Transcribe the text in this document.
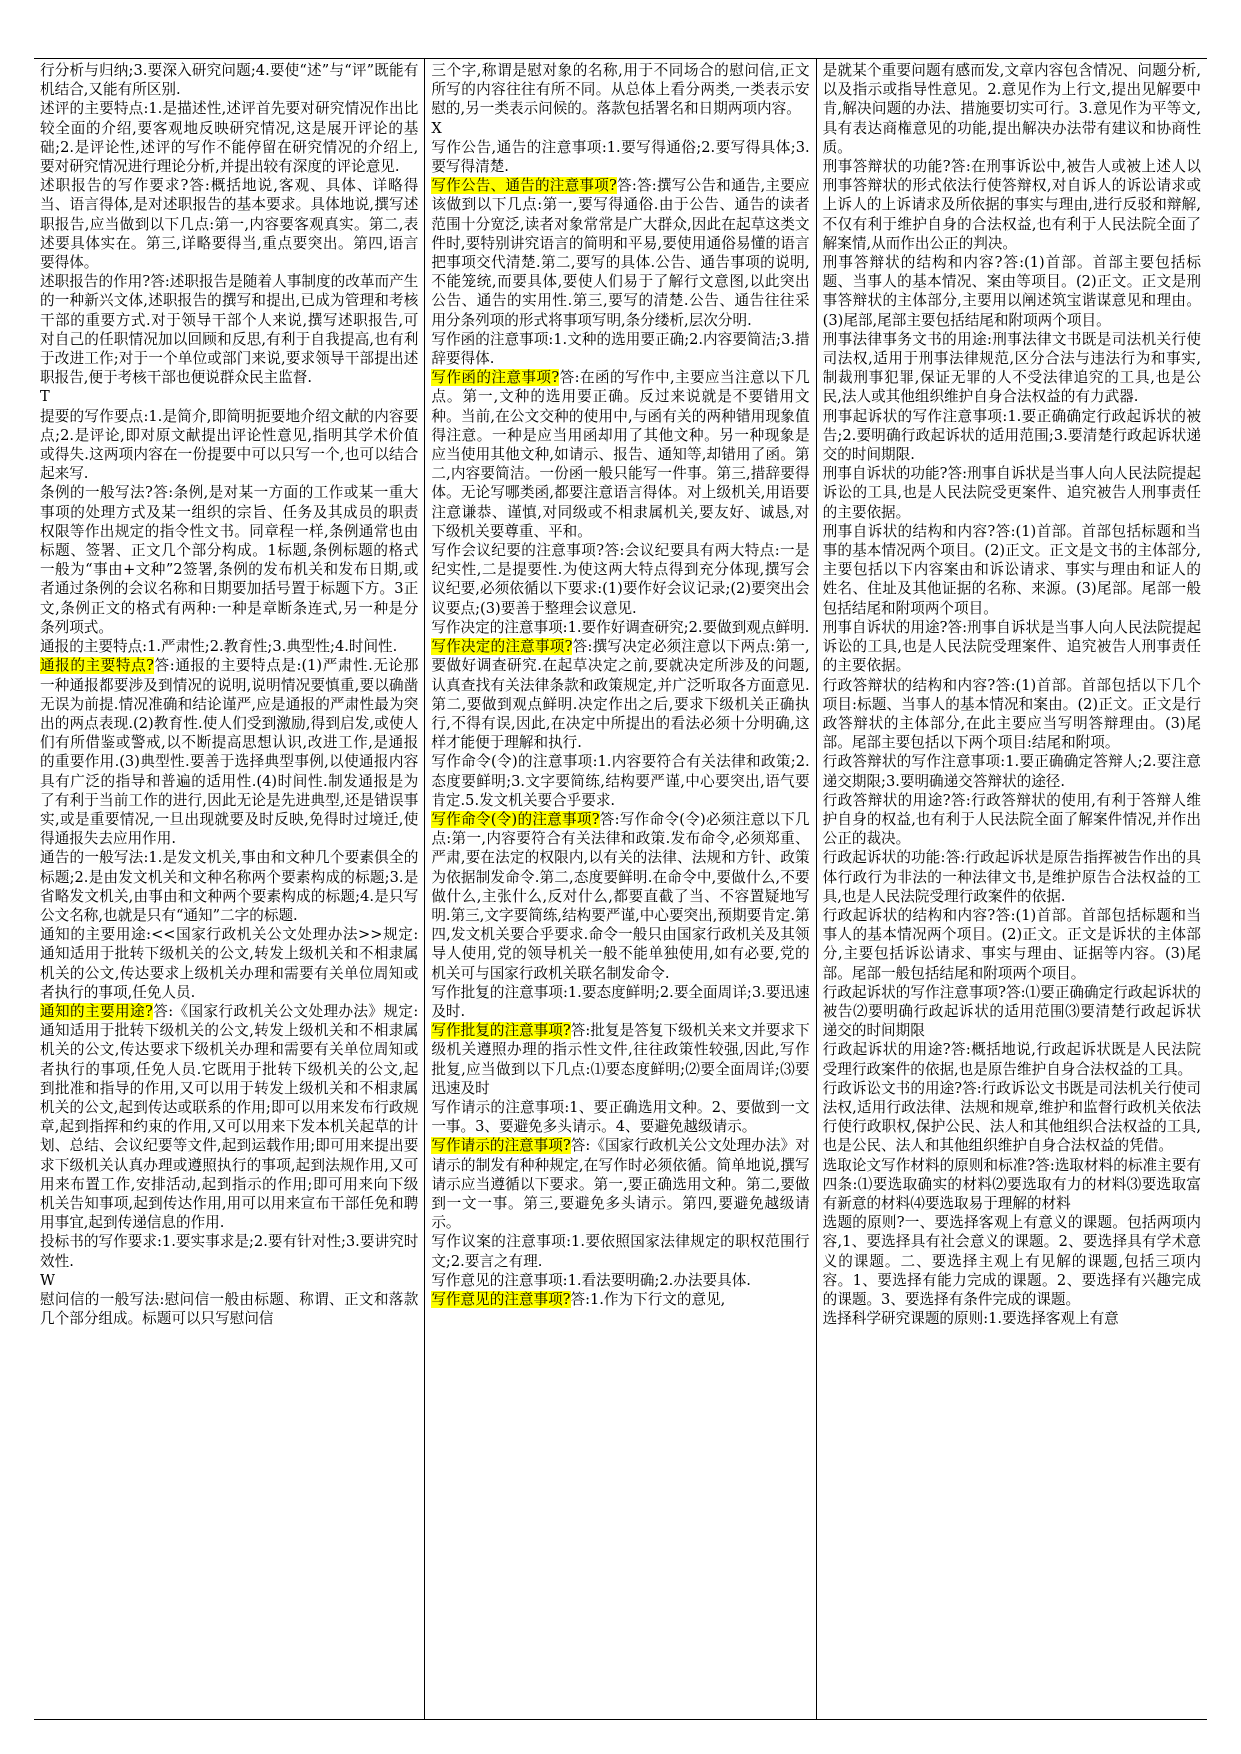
行分析与归纳;3.要深入研究问题;4.要使“述”与“评”既能有机结合,又能有所区别.
述评的主要特点:1.是描述性,述评首先要对研究情况作出比较全面的介绍,要客观地反映研究情况,这是展开评论的基础;2.是评论性,述评的写作不能停留在研究情况的介绍上,要对研究情况进行理论分析,并提出较有深度的评论意见.
述职报告的写作要求?答:概括地说,客观、具体、详略得当、语言得体,是对述职报告的基本要求。具体地说,撰写述职报告,应当做到以下几点:第一,内容要客观真实。第二,表述要具体实在。第三,详略要得当,重点要突出。第四,语言要得体。
述职报告的作用?答:述职报告是随着人事制度的改革而产生的一种新兴文体,述职报告的撰写和提出,已成为管理和考核干部的重要方式.对于领导干部个人来说,撰写述职报告,可对自己的任职情况加以回顾和反思,有利于自我提高,也有利于改进工作;对于一个单位或部门来说,要求领导干部提出述职报告,便于考核干部也便说群众民主监督.
T
提要的写作要点:1.是简介,即简明扼要地介绍文献的内容要点;2.是评论,即对原文献提出评论性意见,指明其学术价值或得失.这两项内容在一份提要中可以只写一个,也可以结合起来写.
条例的一般写法?答:条例,是对某一方面的工作或某一重大事项的处理方式及某一组织的宗旨、任务及其成员的职责权限等作出规定的指令性文书。同章程一样,条例通常也由标题、签署、正文几个部分构成。1标题,条例标题的格式一般为“事由+文种”2签署,条例的发布机关和发布日期,或者通过条例的会议名称和日期要加括号置于标题下方。3正文,条例正文的格式有两种:一种是章断条连式,另一种是分条列项式。
通报的主要特点:1.严肃性;2.教育性;3.典型性;4.时间性.
通报的主要特点?答:通报的主要特点是:(1)严肃性.无论那一种通报都要涉及到情况的说明,说明情况要慎重,要以确凿无误为前提.情况准确和结论谨严,应是通报的严肃性最为突出的两点表现.(2)教育性.使人们受到激励,得到启发,或使人们有所借鉴或警戒,以不断提高思想认识,改进工作,是通报的重要作用.(3)典型性.要善于选择典型事例,以使通报内容具有广泛的指导和普遍的适用性.(4)时间性.制发通报是为了有利于当前工作的进行,因此无论是先进典型,还是错误事实,或是重要情况,一旦出现就要及时反映,免得时过境迁,使得通报失去应用作用.
通告的一般写法:1.是发文机关,事由和文种几个要素俱全的标题;2.是由发文机关和文种名称两个要素构成的标题;3.是省略发文机关,由事由和文种两个要素构成的标题;4.是只写公文名称,也就是只有“通知”二字的标题.
通知的主要用途:<<国家行政机关公文处理办法>>规定:通知适用于批转下级机关的公文,转发上级机关和不相隶属机关的公文,传达要求上级机关办理和需要有关单位周知或者执行的事项,任免人员.
通知的主要用途?答:《国家行政机关公文处理办法》规定:通知适用于批转下级机关的公文,转发上级机关和不相隶属机关的公文,传达要求下级机关办理和需要有关单位周知或者执行的事项,任免人员.它既用于批转下级机关的公文,起到批准和指导的作用,又可以用于转发上级机关和不相隶属机关的公文,起到传达或联系的作用;即可以用来发布行政规章,起到指挥和约束的作用,又可以用来下发本机关起草的计划、总结、会议纪要等文件,起到运载作用;即可用来提出要求下级机关认真办理或遵照执行的事项,起到法规作用,又可用来布置工作,安排活动,起到指示的作用;即可用来向下级机关告知事项,起到传达作用,用可以用来宣布干部任免和聘用事宜,起到传递信息的作用.
投标书的写作要求:1.要实事求是;2.要有针对性;3.要讲究时效性.
W
慰问信的一般写法:慰问信一般由标题、称谓、正文和落款几个部分组成。标题可以只写慰问信
三个字,称谓是慰对象的名称,用于不同场合的慰问信,正文所写的内容往往有所不同。从总体上看分两类,一类表示安慰的,另一类表示问候的。落款包括署名和日期两项内容。
X
写作公告,通告的注意事项:1.要写得通俗;2.要写得具体;3.要写得清楚.
写作公告、通告的注意事项?答:答:撰写公告和通告,主要应该做到以下几点:第一,要写得通俗.由于公告、通告的读者范围十分宽泛,读者对象常常是广大群众,因此在起草这类文件时,要特别讲究语言的简明和平易,要使用通俗易懂的语言把事项交代清楚.第二,要写的具体.公告、通告事项的说明,不能笼统,而要具体,要使人们易于了解行文意图,以此突出公告、通告的实用性.第三,要写的清楚.公告、通告往往采用分条列项的形式将事项写明,条分缕析,层次分明.
写作函的注意事项:1.文种的选用要正确;2.内容要简洁;3.措辞要得体.
写作函的注意事项?答:在函的写作中,主要应当注意以下几点。第一,文种的选用要正确。反过来说就是不要错用文种。当前,在公文交种的使用中,与函有关的两种错用现象值得注意。一种是应当用函却用了其他文种。另一种现象是应当使用其他文种,如请示、报告、通知等,却错用了函。第二,内容要简洁。一份函一般只能写一件事。第三,措辞要得体。无论写哪类函,都要注意语言得体。对上级机关,用语要注意谦恭、谨慎,对同级或不相隶属机关,要友好、诚恳,对下级机关要尊重、平和。
写作会议纪要的注意事项?答:会议纪要具有两大特点:一是纪实性,二是提要性.为使这两大特点得到充分体现,撰写会议纪要,必须依循以下要求:(1)要作好会议记录;(2)要突出会议要点;(3)要善于整理会议意见.
写作决定的注意事项:1.要作好调查研究;2.要做到观点鲜明.
写作决定的注意事项?答:撰写决定必须注意以下两点:第一,要做好调查研究.在起草决定之前,要就决定所涉及的问题,认真查找有关法律条款和政策规定,并广泛听取各方面意见.第二,要做到观点鲜明.决定作出之后,要求下级机关正确执行,不得有误,因此,在决定中所提出的看法必须十分明确,这样才能便于理解和执行.
写作命令(令)的注意事项:1.内容要符合有关法律和政策;2.态度要鲜明;3.文字要简练,结构要严谨,中心要突出,语气要肯定.5.发文机关要合乎要求.
写作命令(令)的注意事项?答:写作命令(令)必须注意以下几点:第一,内容要符合有关法律和政策.发布命令,必须郑重、严肃,要在法定的权限内,以有关的法律、法规和方针、政策为依据制发命令.第二,态度要鲜明.在命令中,要做什么,不要做什么,主张什么,反对什么,都要直截了当、不容置疑地写明.第三,文字要简练,结构要严谨,中心要突出,预期要肯定.第四,发文机关要合乎要求.命令一般只由国家行政机关及其领导人使用,党的领导机关一般不能单独使用,如有必要,党的机关可与国家行政机关联名制发命令.
写作批复的注意事项:1.要态度鲜明;2.要全面周详;3.要迅速及时.
写作批复的注意事项?答:批复是答复下级机关来文并要求下级机关遵照办理的指示性文件,往往政策性较强,因此,写作批复,应当做到以下几点:⑴要态度鲜明;⑵要全面周详;⑶要迅速及时
写作请示的注意事项:1、要正确选用文种。2、要做到一文一事。3、要避免多头请示。4、要避免越级请示。
写作请示的注意事项?答:《国家行政机关公文处理办法》对请示的制发有种种规定,在写作时必须依循。简单地说,撰写请示应当遵循以下要求。第一,要正确选用文种。第二,要做到一文一事。第三,要避免多头请示。第四,要避免越级请示。
写作议案的注意事项:1.要依照国家法律规定的职权范围行文;2.要言之有理.
写作意见的注意事项:1.看法要明确;2.办法要具体.
写作意见的注意事项?答:1.作为下行文的意见,
是就某个重要问题有感而发,文章内容包含情况、问题分析,以及指示或指导性意见。2.意见作为上行文,提出见解要中肯,解决问题的办法、措施要切实可行。3.意见作为平等文,具有表达商権意见的功能,提出解决办法带有建议和协商性质。
刑事答辩状的功能?答:在刑事诉讼中,被告人或被上述人以刑事答辩状的形式依法行使答辩权,对自诉人的诉讼请求或上诉人的上诉请求及所依据的事实与理由,进行反驳和辩解,不仅有利于维护自身的合法权益,也有利于人民法院全面了解案情,从而作出公正的判决。
刑事答辩状的结构和内容?答:(1)首部。首部主要包括标题、当事人的基本情况、案由等项目。(2)正文。正文是刑事答辩状的主体部分,主要用以阐述筑宝谐谋意见和理由。(3)尾部,尾部主要包括结尾和附项两个项目。
刑事法律事务文书的用途:刑事法律文书既是司法机关行使司法权,适用于刑事法律规范,区分合法与违法行为和事实,制裁刑事犯罪,保证无罪的人不受法律追究的工具,也是公民,法人或其他组织维护自身合法权益的有力武器.
刑事起诉状的写作注意事项:1.要正确确定行政起诉状的被告;2.要明确行政起诉状的适用范围;3.要清楚行政起诉状递交的时间期限.
刑事自诉状的功能?答:刑事自诉状是当事人向人民法院提起诉讼的工具,也是人民法院受更案件、追究被告人刑事责任的主要依据。
刑事自诉状的结构和内容?答:(1)首部。首部包括标题和当事的基本情况两个项目。(2)正文。正文是文书的主体部分,主要包括以下内容案由和诉讼请求、事实与理由和证人的姓名、住址及其他证据的名称、来源。(3)尾部。尾部一般包括结尾和附项两个项目。
刑事自诉状的用途?答:刑事自诉状是当事人向人民法院提起诉讼的工具,也是人民法院受理案件、追究被告人刑事责任的主要依据。
行政答辩状的结构和内容?答:(1)首部。首部包括以下几个项目:标题、当事人的基本情况和案由。(2)正文。正文是行政答辩状的主体部分,在此主要应当写明答辩理由。(3)尾部。尾部主要包括以下两个项目:结尾和附项。
行政答辩状的写作注意事项:1.要正确确定答辩人;2.要注意递交期限;3.要明确递交答辩状的途径.
行政答辩状的用途?答:行政答辩状的使用,有利于答辩人维护自身的权益,也有利于人民法院全面了解案件情况,并作出公正的裁决。
行政起诉状的功能:答:行政起诉状是原告指挥被告作出的具体行政行为非法的一种法律文书,是维护原告合法权益的工具,也是人民法院受理行政案件的依据.
行政起诉状的结构和内容?答:(1)首部。首部包括标题和当事人的基本情况两个项目。(2)正文。正文是诉状的主体部分,主要包括诉讼请求、事实与理由、证据等内容。(3)尾部。尾部一般包括结尾和附项两个项目。
行政起诉状的写作注意事项?答:⑴要正确确定行政起诉状的被告⑵要明确行政起诉状的适用范围⑶要清楚行政起诉状递交的时间期限
行政起诉状的用途?答:概括地说,行政起诉状既是人民法院受理行政案件的依据,也是原告维护自身合法权益的工具。
行政诉讼文书的用途?答:行政诉讼文书既是司法机关行使司法权,适用行政法律、法规和规章,维护和监督行政机关依法行使行政职权,保护公民、法人和其他组织合法权益的工具,也是公民、法人和其他组织维护自身合法权益的凭借。
选取论文写作材料的原则和标准?答:选取材料的标准主要有四条:⑴要选取确实的材料⑵要选取有力的材料⑶要选取富有新意的材料⑷要选取易于理解的材料
选题的原则?一、要选择客观上有意义的课题。包括两项内容,1、要选择具有社会意义的课题。2、要选择具有学术意义的课题。二、要选择主观上有见解的课题,包括三项内容。1、要选择有能力完成的课题。2、要选择有兴趣完成的课题。3、要选择有条件完成的课题。
选择科学研究课题的原则:1.要选择客观上有意
